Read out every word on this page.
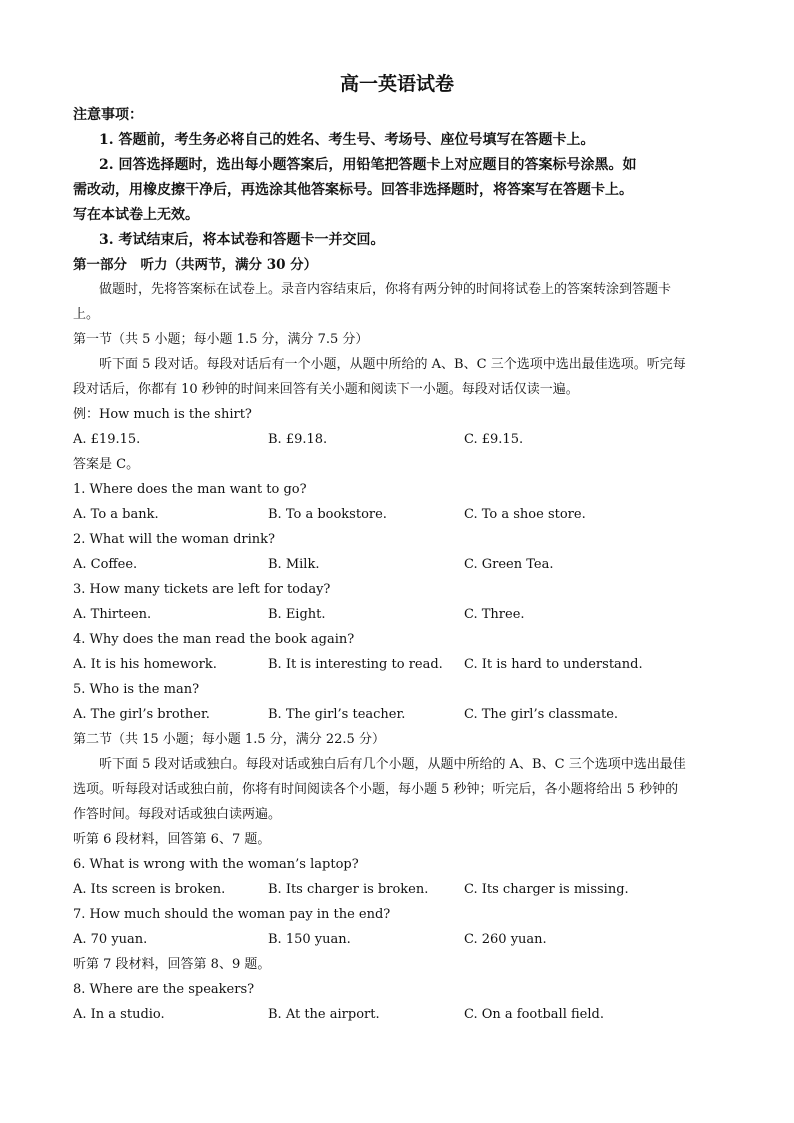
高一英语试卷
注意事项：
1. 答题前，考生务必将自己的姓名、考生号、考场号、座位号填写在答题卡上。
2. 回答选择题时，选出每小题答案后，用铅笔把答题卡上对应题目的答案标号涂黑。如
需改动，用橡皮擦干净后，再选涂其他答案标号。回答非选择题时，将答案写在答题卡上。
写在本试卷上无效。
3. 考试结束后，将本试卷和答题卡一并交回。
第一部分　听力（共两节，满分 30 分）
做题时，先将答案标在试卷上。录音内容结束后，你将有两分钟的时间将试卷上的答案转涂到答题卡
上。
第一节（共 5 小题；每小题 1.5 分，满分 7.5 分）
听下面 5 段对话。每段对话后有一个小题，从题中所给的 A、B、C 三个选项中选出最佳选项。听完每
段对话后，你都有 10 秒钟的时间来回答有关小题和阅读下一小题。每段对话仅读一遍。
例：How much is the shirt?
A. £19.15.	B. £9.18.	C. £9.15.
答案是 C。
1. Where does the man want to go?
A. To a bank.	B. To a bookstore.	C. To a shoe store.
2. What will the woman drink?
A. Coffee.	B. Milk.	C. Green Tea.
3. How many tickets are left for today?
A. Thirteen.	B. Eight.	C. Three.
4. Why does the man read the book again?
A. It is his homework.	B. It is interesting to read. C. It is hard to understand.
5. Who is the man?
A. The girl’s brother.	B. The girl’s teacher.	C. The girl’s classmate.
第二节（共 15 小题；每小题 1.5 分，满分 22.5 分）
听下面 5 段对话或独白。每段对话或独白后有几个小题，从题中所给的 A、B、C 三个选项中选出最佳
选项。听每段对话或独白前，你将有时间阅读各个小题，每小题 5 秒钟；听完后，各小题将给出 5 秒钟的
作答时间。每段对话或独白读两遍。
听第 6 段材料，回答第 6、7 题。
6. What is wrong with the woman’s laptop?
A. Its screen is broken.	B. Its charger is broken.	C. Its charger is missing.
7. How much should the woman pay in the end?
A. 70 yuan.	B. 150 yuan.	C. 260 yuan.
听第 7 段材料，回答第 8、9 题。
8. Where are the speakers?
A. In a studio.	B. At the airport.	C. On a football field.
